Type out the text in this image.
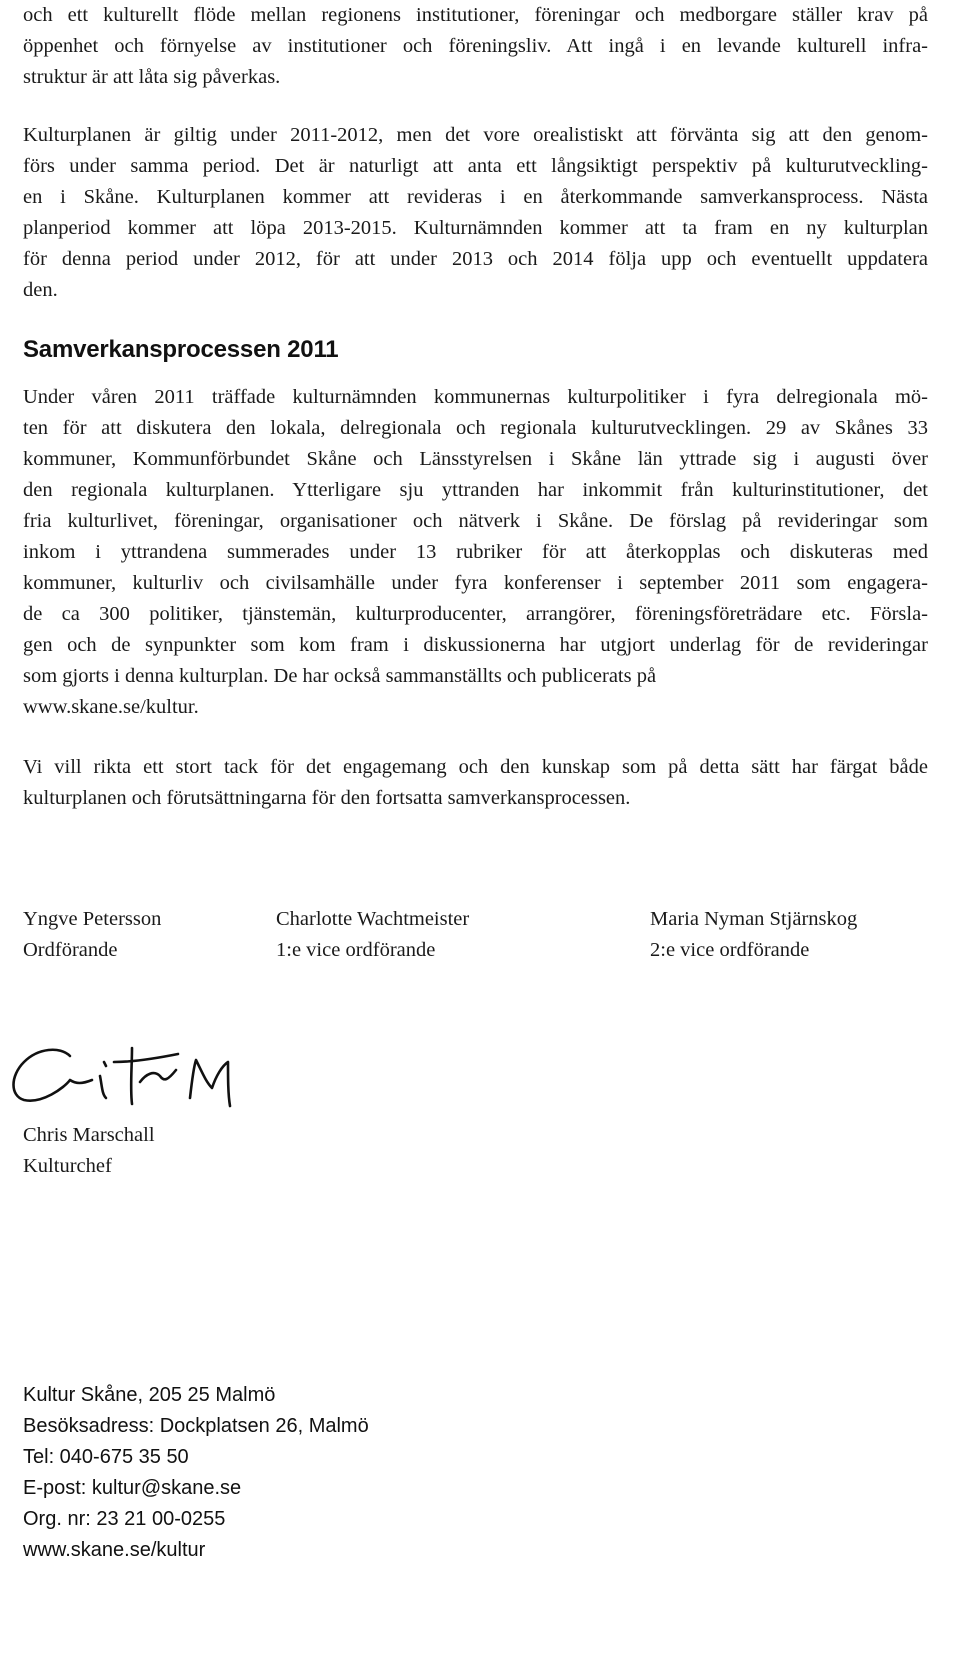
och ett kulturellt flöde mellan regionens institutioner, föreningar och medborgare ställer krav på
öppenhet och förnyelse av institutioner och föreningsliv. Att ingå i en levande kulturell infra-
struktur är att låta sig påverkas.

Kulturplanen är giltig under 2011-2012, men det vore orealistiskt att förvänta sig att den genom-
förs under samma period. Det är naturligt att anta ett långsiktigt perspektiv på kulturutveckling-
en i Skåne. Kulturplanen kommer att revideras i en återkommande samverkansprocess. Nästa
planperiod kommer att löpa 2013-2015. Kulturnämnden kommer att ta fram en ny kulturplan
för denna period under 2012, för att under 2013 och 2014 följa upp och eventuellt uppdatera
den.

Samverkansprocessen 2011

Under våren 2011 träffade kulturnämnden kommunernas kulturpolitiker i fyra delregionala mö-
ten för att diskutera den lokala, delregionala och regionala kulturutvecklingen. 29 av Skånes 33
kommuner, Kommunförbundet Skåne och Länsstyrelsen i Skåne län yttrade sig i augusti över
den regionala kulturplanen. Ytterligare sju yttranden har inkommit från kulturinstitutioner, det
fria kulturlivet, föreningar, organisationer och nätverk i Skåne. De förslag på revideringar som
inkom i yttrandena summerades under 13 rubriker för att återkopplas och diskuteras med
kommuner, kulturliv och civilsamhälle under fyra konferenser i september 2011 som engagera-
de ca 300 politiker, tjänstemän, kulturproducenter, arrangörer, föreningsföreträdare etc. Försla-
gen och de synpunkter som kom fram i diskussionerna har utgjort underlag för de revideringar
som gjorts i denna kulturplan. De har också sammanställts och publicerats på
www.skane.se/kultur.

Vi vill rikta ett stort tack för det engagemang och den kunskap som på detta sätt har färgat både
kulturplanen och förutsättningarna för den fortsatta samverkansprocessen.

Yngve Petersson
Ordförande
Charlotte Wachtmeister
1:e vice ordförande
Maria Nyman Stjärnskog
2:e vice ordförande
Chris Marschall
Kulturchef
Kultur Skåne, 205 25 Malmö
Besöksadress: Dockplatsen 26, Malmö
Tel: 040-675 35 50
E-post: kultur@skane.se
Org. nr: 23 21 00-0255
www.skane.se/kultur
